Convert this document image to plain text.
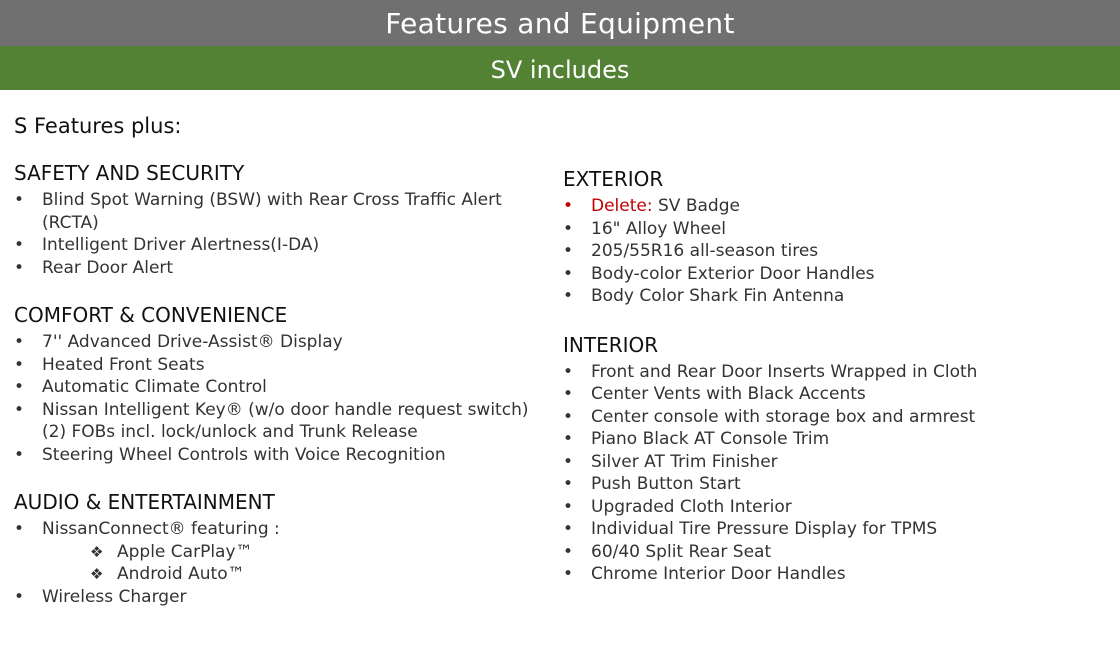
Features and Equipment
SV includes
S Features plus:
SAFETY AND SECURITY
• Blind Spot Warning (BSW) with Rear Cross Traffic Alert
(RCTA)
• Intelligent Driver Alertness(I-DA)
• Rear Door Alert
COMFORT & CONVENIENCE
• 7'' Advanced Drive-Assist® Display
• Heated Front Seats
• Automatic Climate Control
• Nissan Intelligent Key® (w/o door handle request switch)
(2) FOBs incl. lock/unlock and Trunk Release
• Steering Wheel Controls with Voice Recognition
AUDIO & ENTERTAINMENT
• NissanConnect® featuring :
❖ Apple CarPlay™
❖ Android Auto™
• Wireless Charger
EXTERIOR
• Delete: SV Badge
• 16" Alloy Wheel
• 205/55R16 all-season tires
• Body-color Exterior Door Handles
• Body Color Shark Fin Antenna
INTERIOR
• Front and Rear Door Inserts Wrapped in Cloth
• Center Vents with Black Accents
• Center console with storage box and armrest
• Piano Black AT Console Trim
• Silver AT Trim Finisher
• Push Button Start
• Upgraded Cloth Interior
• Individual Tire Pressure Display for TPMS
• 60/40 Split Rear Seat
• Chrome Interior Door Handles
